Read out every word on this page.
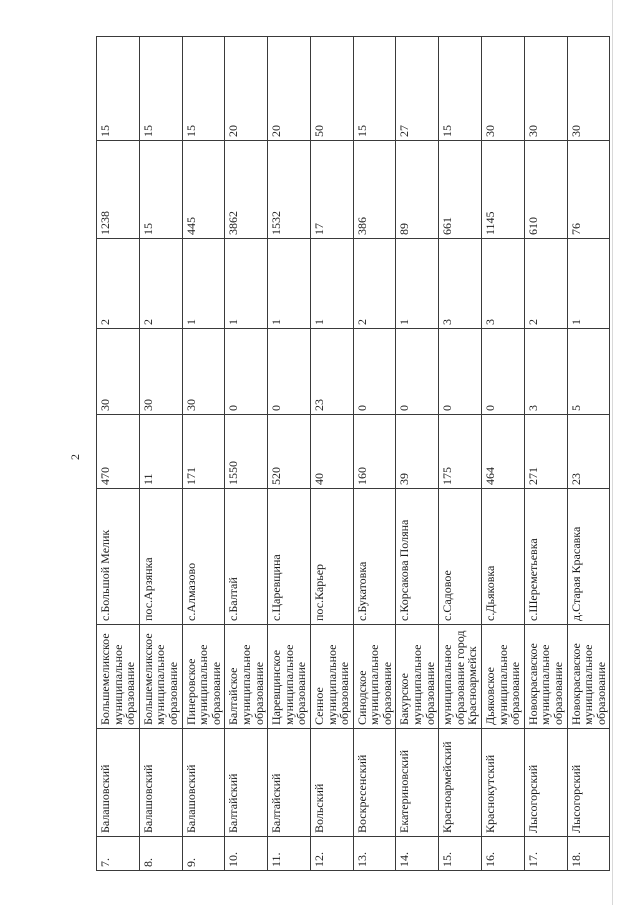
2
7.	Балашовский	Большемеликское муниципальное образование	с.Большой Мелик	470	30	2	1238	15
8.	Балашовский	Большемеликское муниципальное образование	пос.Арзянка	11	30	2	15	15
9.	Балашовский	Пинеровское муниципальное образование	с.Алмазово	171	30	1	445	15
10.	Балтайский	Балтайское муниципальное образование	с.Балтай	1550	0	1	3862	20
11.	Балтайский	Царевщинское муниципальное образование	с.Царевщина	520	0	1	1532	20
12.	Вольский	Сенное муниципальное образование	пос.Карьер	40	23	1	17	50
13.	Воскресенский	Синодское муниципальное образование	с.Букатовка	160	0	2	386	15
14.	Екатериновский	Бакурское муниципальное образование	с.Корсакова Поляна	39	0	1	89	27
15.	Красноармейский	муниципальное образование город Красноармейск	с.Садовое	175	0	3	661	15
16.	Краснокутский	Дьяковское муниципальное образование	с.Дьяковка	464	0	3	1145	30
17.	Лысогорский	Новокрасавское муниципальное образование	с.Шереметьевка	271	3	2	610	30
18.	Лысогорский	Новокрасавское муниципальное образование	д.Старая Красавка	23	5	1	76	30
